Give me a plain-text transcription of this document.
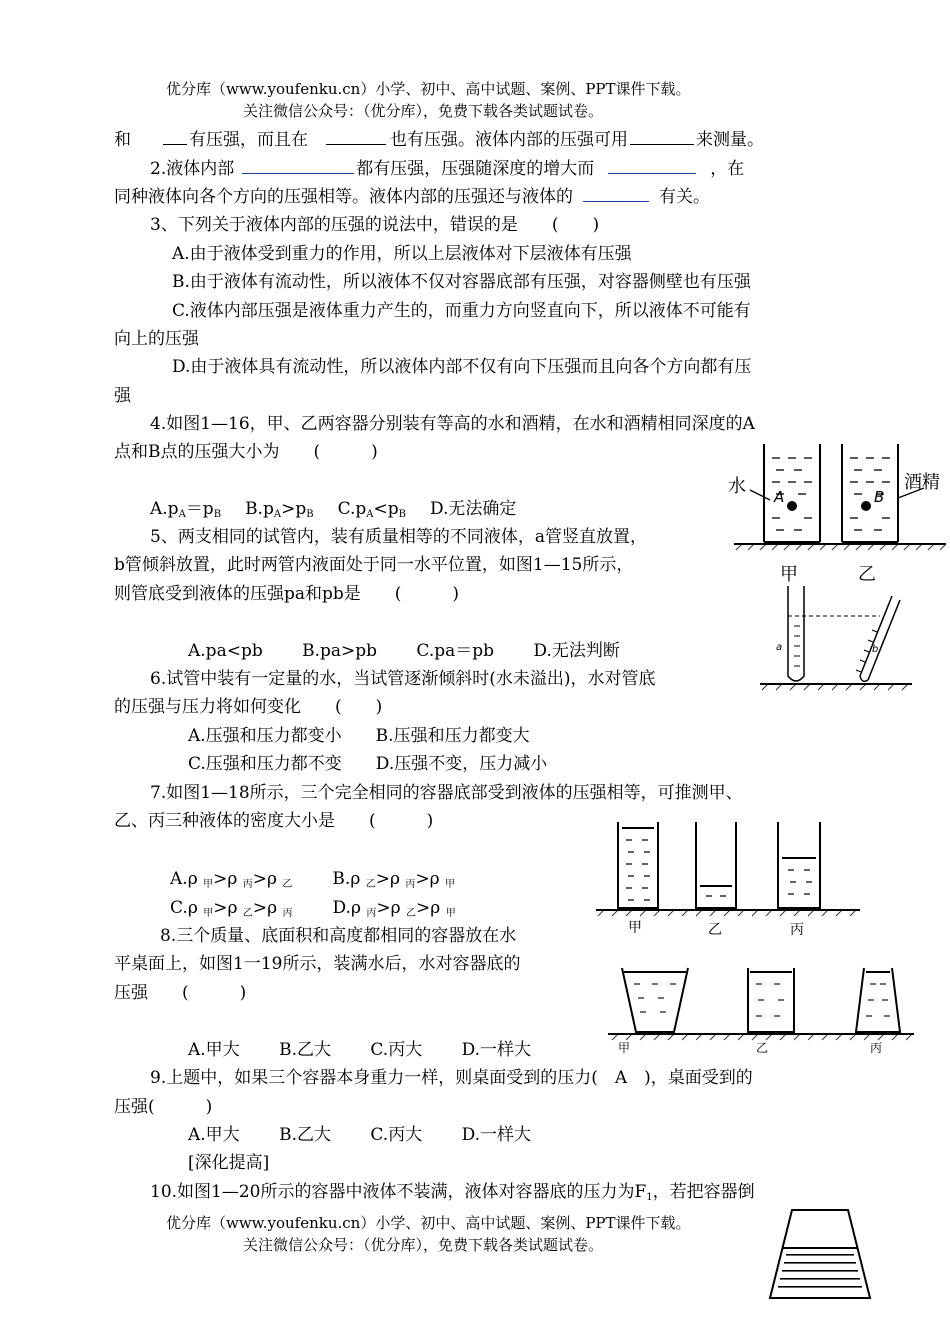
优分库（www.youfenku.cn）小学、初中、高中试题、案例、PPT课件下载。
关注微信公众号：（优分库），免费下载各类试题试卷。
和	有压强，而且在	也有压强。液体内部的压强可用	来测量。
2.液体内部	都有压强，压强随深度的增大而	，在
同种液体向各个方向的压强相等。液体内部的压强还与液体的	有关。
3、下列关于液体内部的压强的说法中，错误的是　　(　　)
A.由于液体受到重力的作用，所以上层液体对下层液体有压强
B.由于液体有流动性，所以液体不仅对容器底部有压强，对容器侧壁也有压强
C.液体内部压强是液体重力产生的，而重力方向竖直向下，所以液体不可能有
向上的压强
D.由于液体具有流动性，所以液体内部不仅有向下压强而且向各个方向都有压
强
4.如图1—16，甲、乙两容器分别装有等高的水和酒精，在水和酒精相同深度的A
点和B点的压强大小为　　(　　　)
$A.p_A=p_B$ $B.p_A>p_B$ $C.p_A<p_B$ D.无法确定
5、两支相同的试管内，装有质量相等的不同液体，a管竖直放置，
b管倾斜放置，此时两管内液面处于同一水平位置，如图1—15所示，
则管底受到液体的压强pa和pb是　　(　　　)
A.pa<pb　　 B.pa>pb　　 C.pa＝pb　　 D.无法判断
6.试管中装有一定量的水，当试管逐渐倾斜时(水未溢出)，水对管底
的压强与压力将如何变化　　(　　)
A.压强和压力都变小　　B.压强和压力都变大
C.压强和压力都不变　　D.压强不变，压力减小
7.如图1—18所示，三个完全相同的容器底部受到液体的压强相等，可推测甲、
乙、丙三种液体的密度大小是　　(　　　)
A.ρ $_甲$>ρ $_丙$>ρ $_乙$ B.ρ $_乙$>ρ $_丙$>ρ $_甲$
C.ρ $_甲$>ρ $_乙$>ρ $_丙$ D.ρ $_丙$>ρ $_乙$>ρ $_甲$
8.三个质量、底面积和高度都相同的容器放在水
平桌面上，如图1一19所示，装满水后，水对容器底的
压强　　(　　　)
A.甲大　　 B.乙大　　 C.丙大　　 D.一样大
9.上题中，如果三个容器本身重力一样，则桌面受到的压力(　A　)，桌面受到的
压强(　　　)
A.甲大　　 B.乙大　　 C.丙大　　 D.一样大
[深化提高]
10.如图1—20所示的容器中液体不装满，液体对容器底的压力为$F_1$，若把容器倒
优分库（www.youfenku.cn）小学、初中、高中试题、案例、PPT课件下载。
关注微信公众号：（优分库），免费下载各类试题试卷。
水 A	B
酒精
甲	乙
a	b
甲	乙	丙
甲	乙	丙
